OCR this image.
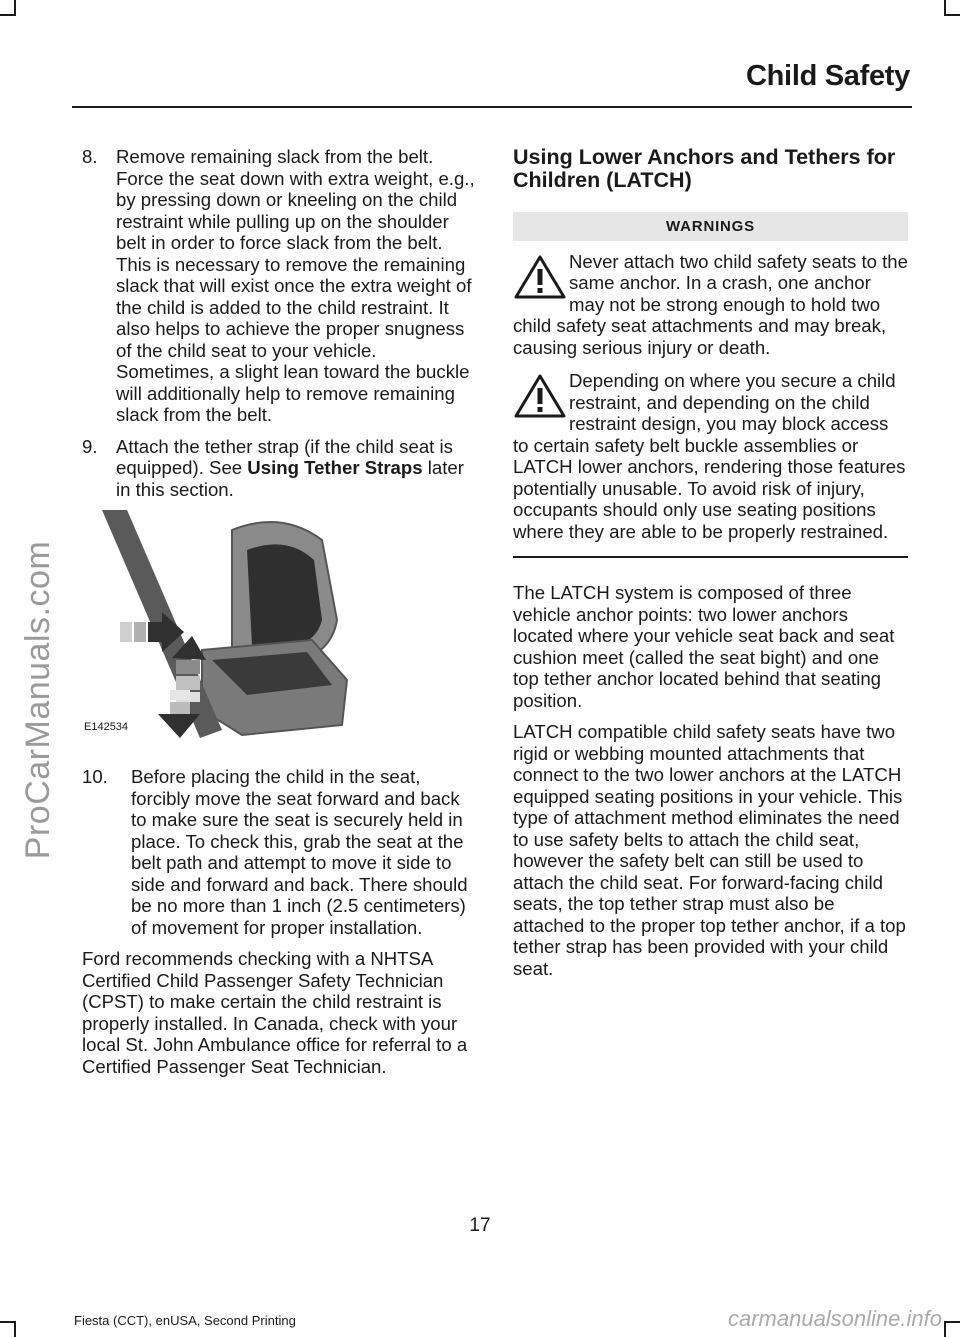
Child Safety
ProCarManuals.com
8. Remove remaining slack from the belt. Force the seat down with extra weight, e.g., by pressing down or kneeling on the child restraint while pulling up on the shoulder belt in order to force slack from the belt. This is necessary to remove the remaining slack that will exist once the extra weight of the child is added to the child restraint. It also helps to achieve the proper snugness of the child seat to your vehicle. Sometimes, a slight lean toward the buckle will additionally help to remove remaining slack from the belt.
9. Attach the tether strap (if the child seat is equipped). See Using Tether Straps later in this section.
E142534
10.	Before placing the child in the seat, forcibly move the seat forward and back to make sure the seat is securely held in place. To check this, grab the seat at the belt path and attempt to move it side to side and forward and back. There should be no more than 1 inch (2.5 centimeters) of movement for proper installation.

Ford recommends checking with a NHTSA Certified Child Passenger Safety Technician (CPST) to make certain the child restraint is properly installed. In Canada, check with your local St. John Ambulance office for referral to a Certified Passenger Seat Technician.

Using Lower Anchors and Tethers for Children (LATCH)
WARNINGS
Never attach two child safety seats to the same anchor. In a crash, one anchor may not be strong enough to hold two child safety seat attachments and may break, causing serious injury or death.
Depending on where you secure a child restraint, and depending on the child restraint design, you may block access to certain safety belt buckle assemblies or LATCH lower anchors, rendering those features potentially unusable. To avoid risk of injury, occupants should only use seating positions where they are able to be properly restrained.

The LATCH system is composed of three vehicle anchor points: two lower anchors located where your vehicle seat back and seat cushion meet (called the seat bight) and one top tether anchor located behind that seating position.

LATCH compatible child safety seats have two rigid or webbing mounted attachments that connect to the two lower anchors at the LATCH equipped seating positions in your vehicle. This type of attachment method eliminates the need to use safety belts to attach the child seat, however the safety belt can still be used to attach the child seat. For forward-facing child seats, the top tether strap must also be attached to the proper top tether anchor, if a top tether strap has been provided with your child seat.

17
Fiesta (CCT), enUSA, Second Printing	carmanualsonline.info
